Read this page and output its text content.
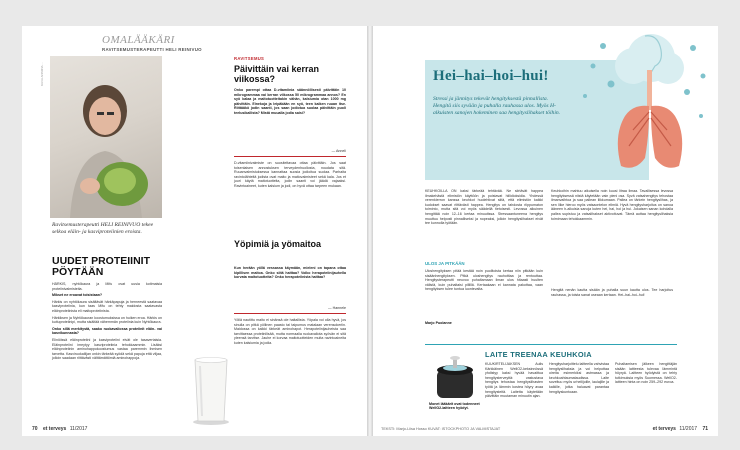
OMALÄÄKÄRI
RAVITSEMUSTERAPEUTTI HELI REINIVUO
KUVA ANNIINA ...
Ravitsemusterapeutti HELI REINIVUO tekee selkoa eläin- ja kasviproteiinien eroista.
UUDET PROTEIINIT PÖYTÄÄN

HÄRKIS, nyhtökaura ja Mifu ovat uusia kotimaisia proteiinivalmisteita.

Mikset ne eroavat toisistaan?

Härkis on nyhtökaura sisältävät härkäpapuja ja herneestä saatavaa kasviproteiinia, kun taas Mifu on tehty maidosta saatavasta eläinproteiinista eli maitoproteiinista.

Härkiksen ja Nyhtökauran koostumuksissa on huiken eroa. Härkis on kuituproteiinipi, mutta sisältää vähemmän proteiinia kuin Nyhtökaura.

Onko sillä merkitystä, saako ruokavaliossa proteiinit eläin- vai kasvikunnasta?

Eliniöissä eläinproteiini ja kasviproteiini eivät ole tasavertaisia. Eläinproteiini imeytyy kasviproteiinia tehokkaammin. Lisäksi eläinproteiinin aminohappokoostumus vastaa paremmin ihmisen tarvetta. Kasviruokailijan onkin tärkeää syödä sekä papuja että viljaa, jolloin saadaan riittävästi välttämättömiä aminohappoja.

RAVITSEMUS
Päivittäin vai kerran viikossa?
Onko parempi ottaa D-vitamiinia säännöllisesti päivittäin 10 mikrogrammaa vai kerran viikossa 50 mikrogrammaa annos? En syö kalaa ja maitotuotteitakin vähän, kalsiumia otan 1000 mg päivittäin. Einekoja ja leipäkään en syö, teen kaiken ruuan itse. Riittääkö jodin saanti, jos saan jodiotua suolaa päivittäin puoli teelusikallista? Mistä muualla jodia saisi?
— Anneli
D-vitamiinivalmiste on suositeltavaa ottaa päivittäin. Jos saat toisenlaisen annostuksen terveydenhuollosta, noudata sitä. Ruuanvalmistuksessa kannattaa suosia jodioitua suolaa. Parhaita ravintolähteitä jodista ovat maito ja maitovalmisteet sekä kala. Jos et juuri käytä maitotuotteita, jodin saanti voi jäädä vajaaksi. Ravintoaineet, kuten kalsium ja jodi, on hyvä ottaa tarpeen mukaan.
Yöpimiä ja yömaitoa
Kun herään yöllä vessassa käymään, mieleni on tapana ottaa kipillisen maitoa. Onko siitä haittaa? Voiko herapoteiinijauhella korvata maitotuotteita? Onko herapoteiinista haittaa?
— Hannele
Yöllä nautittu maito ei sinänsä ole haitallista. Yöpala voi olla hyvä, jos sinulla on pitkä yöllinen paasto tai taipumus matalaan verensokeriin. Maidossa on kaikki tärkeät aminohapot. Herapoteiinijauheista saa tarvittaessa proteiinilisää, mutta normaalia ruokavaliota syövän ei sitä yleensä tarvitse. Jauhe ei korvaa maitotuotteiden muita ravintoaineita kuten kalsiumia ja jodia.
70 et terveys 11/2017
Hei–hai–hoi–hui!
Stressi ja jännitys tekevät hengityksestä pinnallista. Hengitä siis syvään ja puhalla rauhassa ulos. Myös H-alkuisten sanojen hokeminen saa hengityslihakset töihin.
KEUHKOILLA ON kaksi tärkeää tehtävää. Ne siirtävät happea ilmakehästä elimistön käyttöön ja poistavat hiilidioksidia. Yhdessä verenkierron kanssa keuhkot huolehtivat siitä, että elimistön kaikki kudokset saavat riittävästi happea. Hengitys on tahdosta riippumaton toiminto, mutta sitä voi myös säädellä tietoisesti. Levossa aikuinen hengittää noin 12–16 kertaa minuutissa. Stressaantuneena hengitys muuttuu helposti pinnalliseksi ja nopeaksi, jolloin hengityslihakset eivät tee kunnolla työtään.
ULOS JA PITKÄÄN
Uloshengityksen pitää kestää noin puolitoista kertaa niin pitkään kuin sisäänhengityksen. Pitkä uloshengitys rauhoittaa ja rentouttaa. Hengitysterapeutti neuvoo puhaltamaan ilman ulos hitaasti huulten välistä, kuin puhaltaisi pillillä. Kertaakaan ei kannata pakottaa, vaan hengityksen tulee tuntua luontevalta.
Marjo Puolanne
Keuhkoihin mahtuu aikuisella noin kuusi litraa ilmaa. Tavallisessa levossa hengityksessä niistä käytetään vain pieni osa. Syvä vatsahengitys tehostaa ilmanvaihtoa ja saa pallean liikkumaan. Pallea on tärkein hengityslihas, ja sen liike hieroo myös vatsaontelon elimiä. Hyvä hengitysharjoitus on sanoa ääneen h-alkuisia sanoja kuten hei, hai, hoi ja hui. Jokaisen sanan kohdalla pallea supistuu ja vatsalihakset aktivoituvat. Tämä auttaa hengityslihaksia toimimaan tehokkaammin.
Hengitä nenän kautta sisään ja puhalla suun kautta ulos. Tee harjoitus rauhassa, ja toista sanat useaan kertaan. Hei–hai–hoi–hui!
LAITE TREENAA KEUHKOIA
Monet lääkärit ovat todenneet WellO2-laitteen hyödyt.
KUUKIRTELIJAKSEN Aulis Kärkkäinen WellO2-keksinnössä yhdistyy kaksi hyvää havaittua hengitysterveyttä: vastustava hengitys tehostaa hengityslihasten työtä ja lämmin kostea höyry avaa hengitysteitä. Laitetta käytetään päivittäin muutaman minuutin ajan.
Hengitysharjoittelu laitteella vahvistaa hengityslihaksia ja voi helpottaa oireita esimerkiksi astmassa ja keuhkoahtaumataudissa. Laite soveltuu myös urheilijoille, laulajille ja kaikille, jotka haluavat parantaa hengityskuntoaan.
Puhaltamisen jälkeen hengittäjän sisään laitteesta tulevaa lämmintä höyryä. Laitteen hyödyistä on tehty tutkimuksia myös Suomessa. WellO2-laitteen hinta on noin 259–292 euroa.
TEKSTI: Marjo-Liisa Hosso KUVAT: ISTOCKPHOTO JA VALMISTAJAT	et terveys 11/2017 71
